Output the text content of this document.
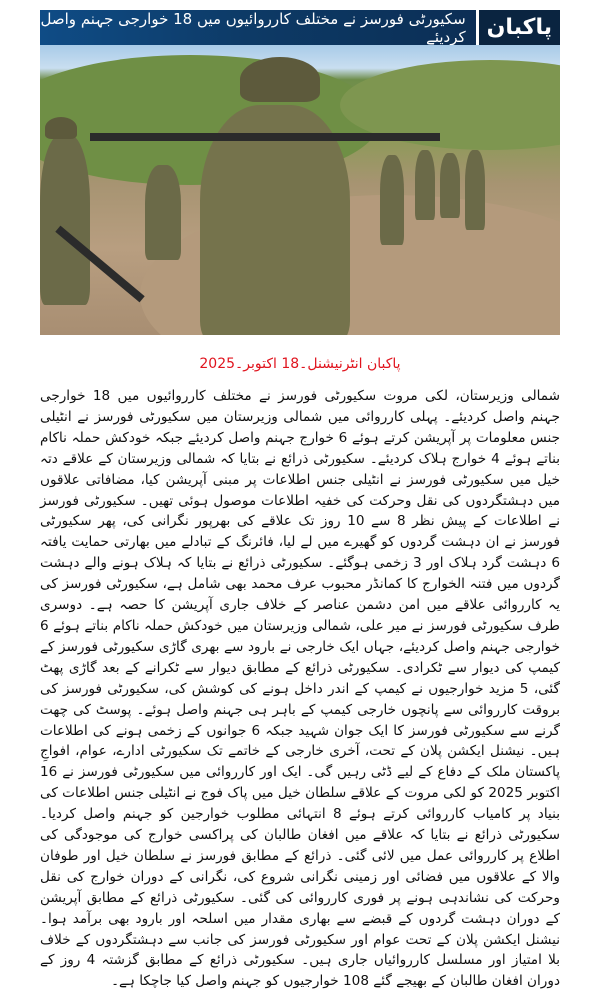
پاکبان
سکیورٹی فورسز نے مختلف کارروائیوں میں 18 خوارجی جہنم واصل کردیئے
پاکبان انٹرنیشنل۔18 اکتوبر۔2025
شمالی وزیرستان، لکی مروت سکیورٹی فورسز نے مختلف کارروائیوں میں 18 خوارجی جہنم واصل کردیئے۔ پہلی کارروائی میں شمالی وزیرستان میں سکیورٹی فورسز نے انٹیلی جنس معلومات پر آپریشن کرتے ہوئے 6 خوارج جہنم واصل کردیئے جبکہ خودکش حملہ ناکام بناتے ہوئے 4 خوارج ہلاک کردیئے۔ سکیورٹی ذرائع نے بتایا کہ شمالی وزیرستان کے علاقے دتہ خیل میں سکیورٹی فورسز نے انٹیلی جنس اطلاعات پر مبنی آپریشن کیا، مضافاتی علاقوں میں دہشتگردوں کی نقل وحرکت کی خفیہ اطلاعات موصول ہوئی تھیں۔ سکیورٹی فورسز نے اطلاعات کے پیش نظر 8 سے 10 روز تک علاقے کی بھرپور نگرانی کی، پھر سکیورٹی فورسز نے ان دہشت گردوں کو گھیرے میں لے لیا، فائرنگ کے تبادلے میں بھارتی حمایت یافتہ 6 دہشت گرد ہلاک اور 3 زخمی ہوگئے۔ سکیورٹی ذرائع نے بتایا کہ ہلاک ہونے والے دہشت گردوں میں فتنہ الخوارج کا کمانڈر محبوب عرف محمد بھی شامل ہے، سکیورٹی فورسز کی یہ کارروائی علاقے میں امن دشمن عناصر کے خلاف جاری آپریشن کا حصہ ہے۔ دوسری طرف سکیورٹی فورسز نے میر علی، شمالی وزیرستان میں خودکش حملہ ناکام بناتے ہوئے 6 خوارجی جہنم واصل کردیئے، جہاں ایک خارجی نے بارود سے بھری گاڑی سکیورٹی فورسز کے کیمپ کی دیوار سے ٹکرادی۔ سکیورٹی ذرائع کے مطابق دیوار سے ٹکرانے کے بعد گاڑی پھٹ گئی، 5 مزید خوارجیوں نے کیمپ کے اندر داخل ہونے کی کوشش کی، سکیورٹی فورسز کی بروقت کارروائی سے پانچوں خارجی کیمپ کے باہر ہی جہنم واصل ہوئے۔ پوسٹ کی چھت گرنے سے سکیورٹی فورسز کا ایک جوان شہید جبکہ 6 جوانوں کے زخمی ہونے کی اطلاعات ہیں۔ نیشنل ایکشن پلان کے تحت، آخری خارجی کے خاتمے تک سکیورٹی ادارے، عوام، افواجِ پاکستان ملک کے دفاع کے لیے ڈٹی رہیں گی۔ ایک اور کارروائی میں سکیورٹی فورسز نے 16 اکتوبر 2025 کو لکی مروت کے علاقے سلطان خیل میں پاک فوج نے انٹیلی جنس اطلاعات کی بنیاد پر کامیاب کارروائی کرتے ہوئے 8 انتہائی مطلوب خوارجین کو جہنم واصل کردیا۔ سکیورٹی ذرائع نے بتایا کہ علاقے میں افغان طالبان کی پراکسی خوارج کی موجودگی کی اطلاع پر کارروائی عمل میں لائی گئی۔ ذرائع کے مطابق فورسز نے سلطان خیل اور طوفان والا کے علاقوں میں فضائی اور زمینی نگرانی شروع کی، نگرانی کے دوران خوارج کی نقل وحرکت کی نشاندہی ہونے پر فوری کارروائی کی گئی۔ سکیورٹی ذرائع کے مطابق آپریشن کے دوران دہشت گردوں کے قبضے سے بھاری مقدار میں اسلحہ اور بارود بھی برآمد ہوا۔ نیشنل ایکشن پلان کے تحت عوام اور سکیورٹی فورسز کی جانب سے دہشتگردوں کے خلاف بلا امتیاز اور مسلسل کارروائیاں جاری ہیں۔ سکیورٹی ذرائع کے مطابق گزشتہ 4 روز کے دوران افغان طالبان کے بھیجے گئے 108 خوارجیوں کو جہنم واصل کیا جاچکا ہے۔
